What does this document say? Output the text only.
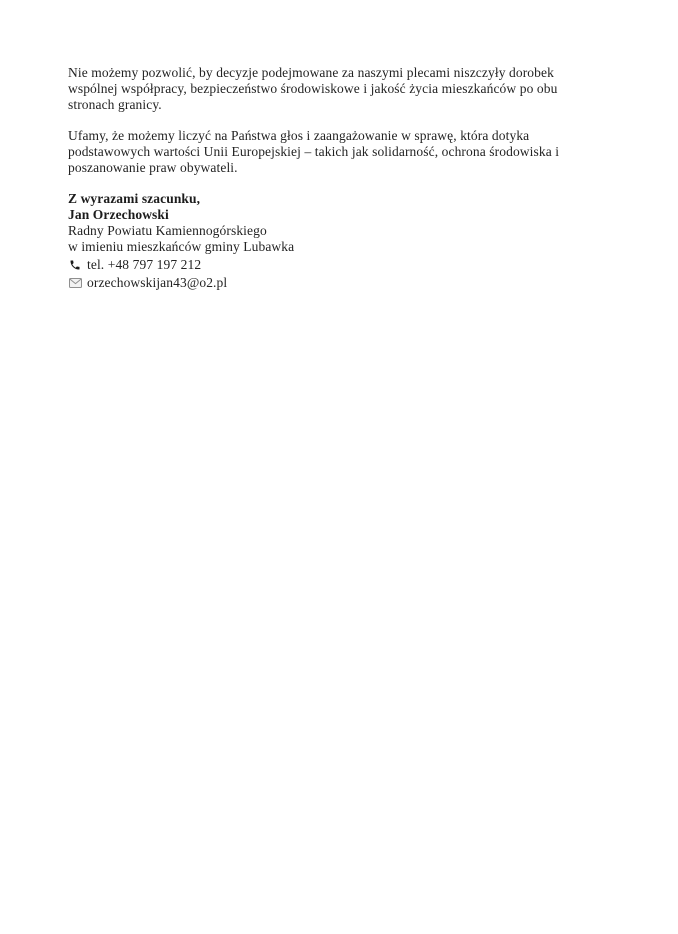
Nie możemy pozwolić, by decyzje podejmowane za naszymi plecami niszczyły dorobek
wspólnej współpracy, bezpieczeństwo środowiskowe i jakość życia mieszkańców po obu
stronach granicy.
Ufamy, że możemy liczyć na Państwa głos i zaangażowanie w sprawę, która dotyka
podstawowych wartości Unii Europejskiej – takich jak solidarność, ochrona środowiska i
poszanowanie praw obywateli.
Z wyrazami szacunku,
Jan Orzechowski
Radny Powiatu Kamiennogórskiego
w imieniu mieszkańców gminy Lubawka
tel. +48 797 197 212
orzechowskijan43@o2.pl
